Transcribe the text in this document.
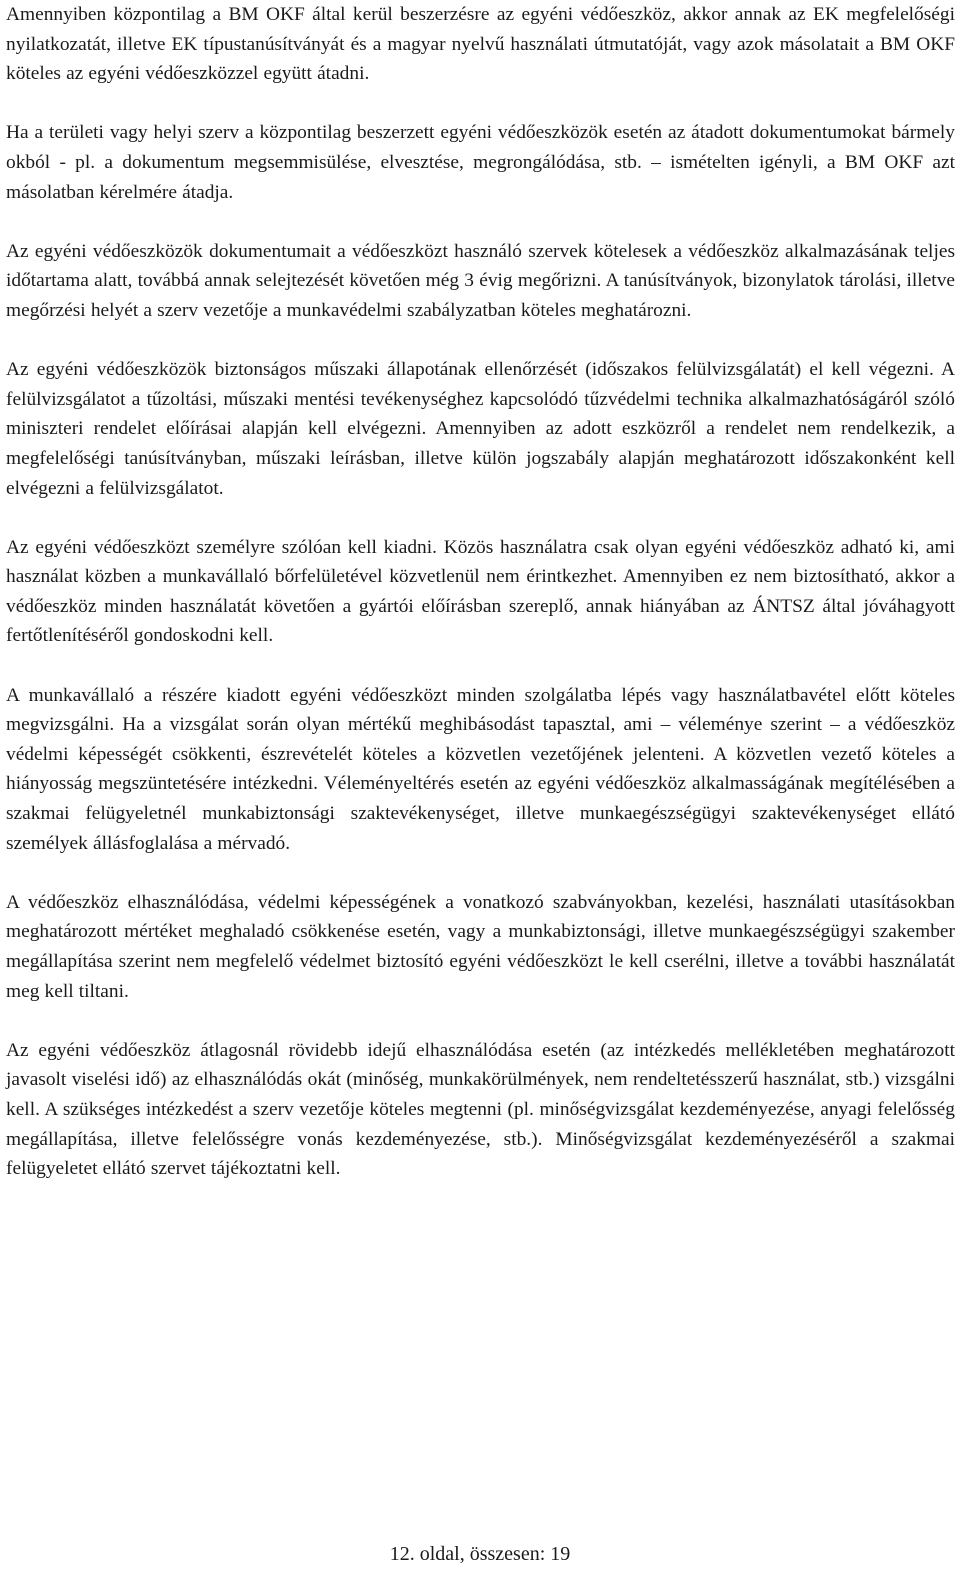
Amennyiben központilag a BM OKF által kerül beszerzésre az egyéni védőeszköz, akkor annak az EK megfelelőségi nyilatkozatát, illetve EK típustanúsítványát és a magyar nyelvű használati útmutatóját, vagy azok másolatait a BM OKF köteles az egyéni védőeszközzel együtt átadni.

Ha a területi vagy helyi szerv a központilag beszerzett egyéni védőeszközök esetén az átadott dokumentumokat bármely okból - pl. a dokumentum megsemmisülése, elvesztése, megrongálódása, stb. – ismételten igényli, a BM OKF azt másolatban kérelmére átadja.

Az egyéni védőeszközök dokumentumait a védőeszközt használó szervek kötelesek a védőeszköz alkalmazásának teljes időtartama alatt, továbbá annak selejtezését követően még 3 évig megőrizni. A tanúsítványok, bizonylatok tárolási, illetve megőrzési helyét a szerv vezetője a munkavédelmi szabályzatban köteles meghatározni.

Az egyéni védőeszközök biztonságos műszaki állapotának ellenőrzését (időszakos felülvizsgálatát) el kell végezni. A felülvizsgálatot a tűzoltási, műszaki mentési tevékenységhez kapcsolódó tűzvédelmi technika alkalmazhatóságáról szóló miniszteri rendelet előírásai alapján kell elvégezni. Amennyiben az adott eszközről a rendelet nem rendelkezik, a megfelelőségi tanúsítványban, műszaki leírásban, illetve külön jogszabály alapján meghatározott időszakonként kell elvégezni a felülvizsgálatot.

Az egyéni védőeszközt személyre szólóan kell kiadni. Közös használatra csak olyan egyéni védőeszköz adható ki, ami használat közben a munkavállaló bőrfelületével közvetlenül nem érintkezhet. Amennyiben ez nem biztosítható, akkor a védőeszköz minden használatát követően a gyártói előírásban szereplő, annak hiányában az ÁNTSZ által jóváhagyott fertőtlenítéséről gondoskodni kell.

A munkavállaló a részére kiadott egyéni védőeszközt minden szolgálatba lépés vagy használatbavétel előtt köteles megvizsgálni. Ha a vizsgálat során olyan mértékű meghibásodást tapasztal, ami – véleménye szerint – a védőeszköz védelmi képességét csökkenti, észrevételét köteles a közvetlen vezetőjének jelenteni. A közvetlen vezető köteles a hiányosság megszüntetésére intézkedni. Véleményeltérés esetén az egyéni védőeszköz alkalmasságának megítélésében a szakmai felügyeletnél munkabiztonsági szaktevékenységet, illetve munkaegészségügyi szaktevékenységet ellátó személyek állásfoglalása a mérvadó.

A védőeszköz elhasználódása, védelmi képességének a vonatkozó szabványokban, kezelési, használati utasításokban meghatározott mértéket meghaladó csökkenése esetén, vagy a munkabiztonsági, illetve munkaegészségügyi szakember megállapítása szerint nem megfelelő védelmet biztosító egyéni védőeszközt le kell cserélni, illetve a további használatát meg kell tiltani.

Az egyéni védőeszköz átlagosnál rövidebb idejű elhasználódása esetén (az intézkedés mellékletében meghatározott javasolt viselési idő) az elhasználódás okát (minőség, munkakörülmények, nem rendeltetésszerű használat, stb.) vizsgálni kell. A szükséges intézkedést a szerv vezetője köteles megtenni (pl. minőségvizsgálat kezdeményezése, anyagi felelősség megállapítása, illetve felelősségre vonás kezdeményezése, stb.). Minőségvizsgálat kezdeményezéséről a szakmai felügyeletet ellátó szervet tájékoztatni kell.

12. oldal, összesen: 19
